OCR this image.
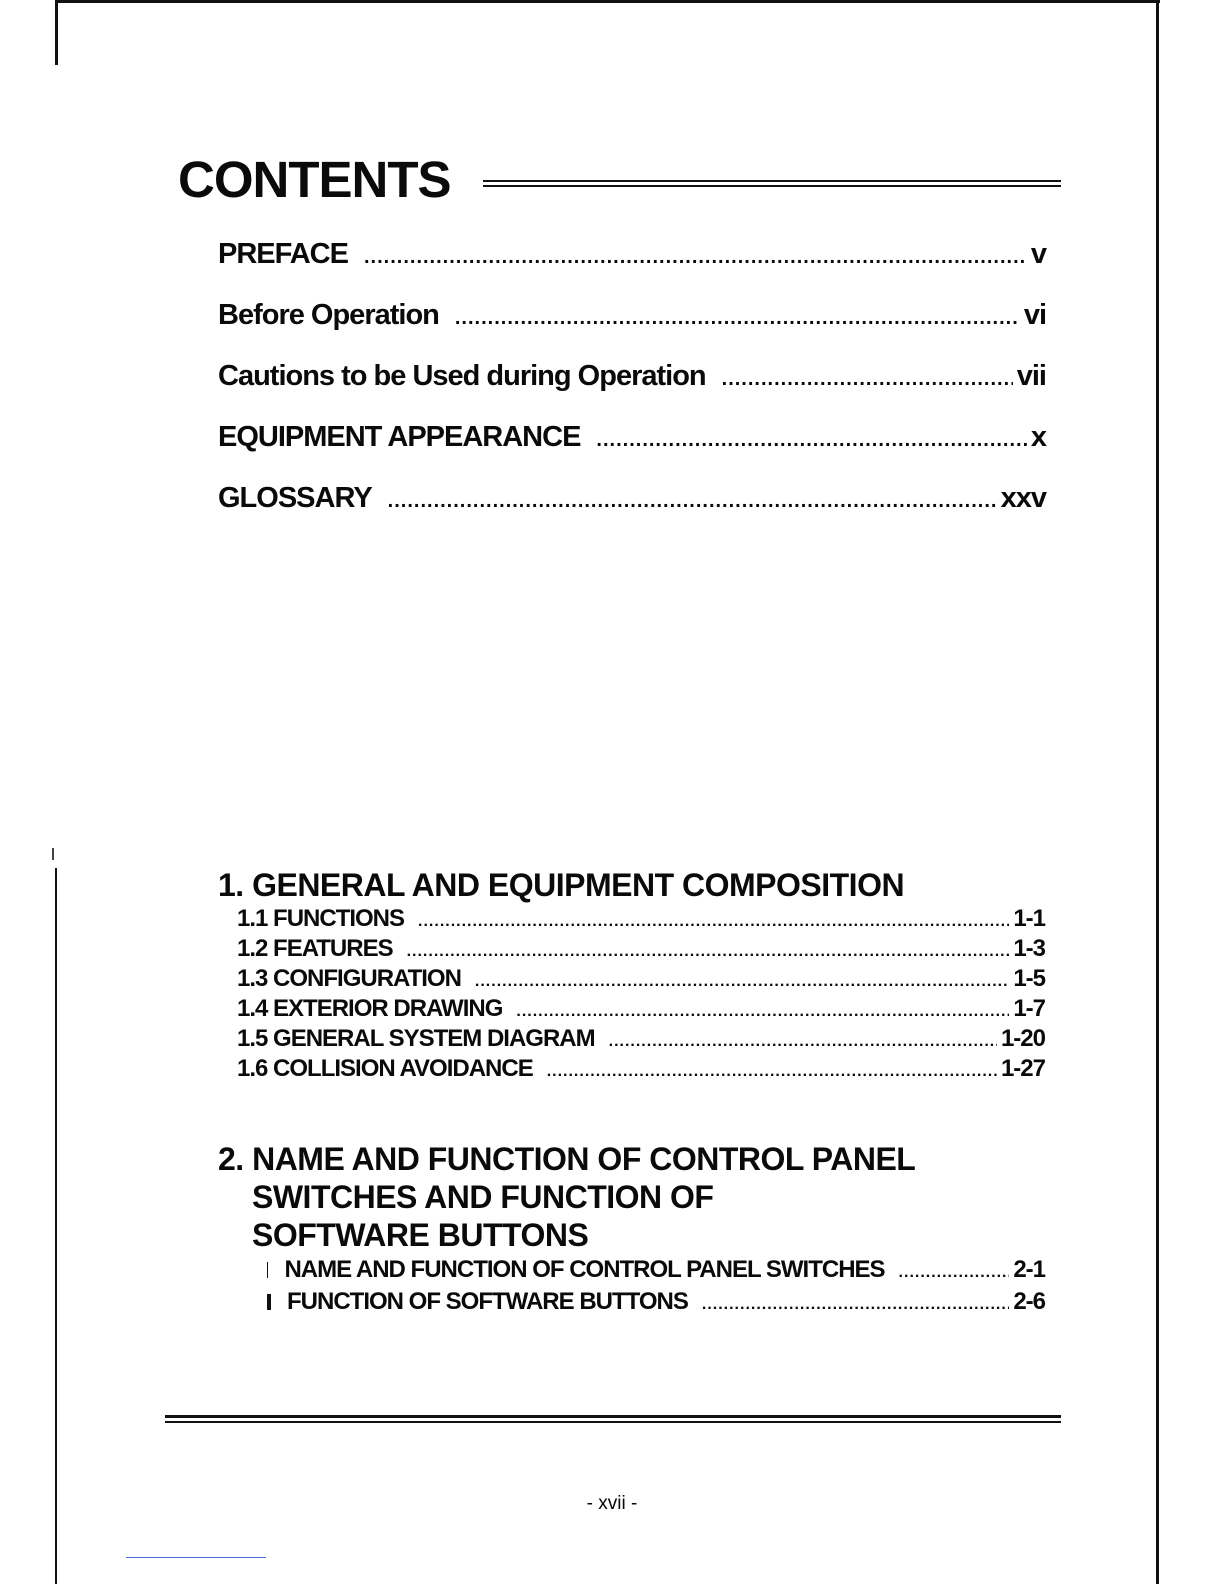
CONTENTS
PREFACE .....	v
Before Operation .....	vi
Cautions to be Used during Operation .....	vii
EQUIPMENT APPEARANCE .....	x
GLOSSARY .....	xxv
1. GENERAL AND EQUIPMENT COMPOSITION
1.1 FUNCTIONS .....	1-1
1.2 FEATURES .....	1-3
1.3 CONFIGURATION .....	1-5
1.4 EXTERIOR DRAWING .....	1-7
1.5 GENERAL SYSTEM DIAGRAM .....	1-20
1.6 COLLISION AVOIDANCE .....	1-27
2. NAME AND FUNCTION OF CONTROL PANEL
SWITCHES AND FUNCTION OF
SOFTWARE BUTTONS
NAME AND FUNCTION OF CONTROL PANEL SWITCHES .....	2-1
FUNCTION OF SOFTWARE BUTTONS .....	2-6
- xvii -
